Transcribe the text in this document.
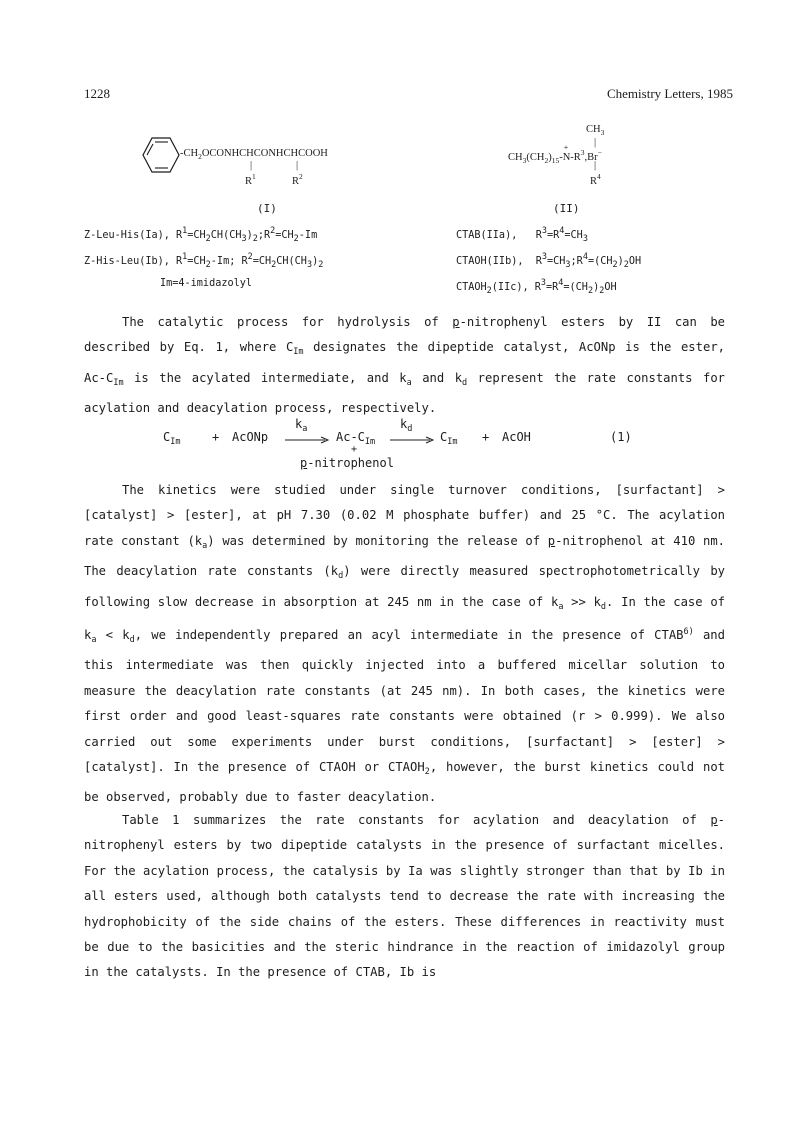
1228	Chemistry Letters, 1985
$-CH_2OCONHCHCONHCHCOOH$
|	|
$R^1$	$R^2$
(I)
$CH_3$
|
$CH_3(CH_2)_{15}-N$
+
$-R^3,Br^-$
|
$R^4$
(II)
Z-Leu-His(Ia), $R^1=CH_2CH(CH_3)_2;R^2=CH_2-Im$
Z-His-Leu(Ib), $R^1=CH_2-Im$; $R^2=CH_2CH(CH_3)_2$
Im=4-imidazolyl
CTAB(IIa),   $R^3=R^4=CH_3$
CTAOH(IIb),  $R^3=CH_3;R^4=(CH_2)_2OH$
$CTAOH_2(IIc)$, $R^3=R^4=(CH_2)_2OH$

The catalytic process for hydrolysis of p-nitrophenyl esters by II can be described by Eq. 1, where $C_{Im}$ designates the dipeptide catalyst, AcONp is the ester, $Ac-C_{Im}$ is the acylated intermediate, and $k_a$ and $k_d$ represent the rate constants for acylation and deacylation process, respectively.

$C_{Im}$	+ AcONp
$k_a$
$Ac-C_{Im}$
+
p-nitrophenol
$k_d$
$C_{Im}$ + AcOH	(1)

The kinetics were studied under single turnover conditions, [surfactant] > [catalyst] > [ester], at pH 7.30 (0.02 M phosphate buffer) and 25 °C. The acylation rate constant $(k_a)$ was determined by monitoring the release of p-nitrophenol at 410 nm. The deacylation rate constants $(k_d)$ were directly measured spectrophotometrically by following slow decrease in absorption at 245 nm in the case of $k_a >> k_d$. In the case of $k_a < k_d$, we independently prepared an acyl intermediate in the presence of CTAB$^{6)}$ and this intermediate was then quickly injected into a buffered micellar solution to measure the deacylation rate constants (at 245 nm). In both cases, the kinetics were first order and good least-squares rate constants were obtained (r > 0.999). We also carried out some experiments under burst conditions, [surfactant] > [ester] > [catalyst]. In the presence of CTAOH or $CTAOH_2$, however, the burst kinetics could not be observed, probably due to faster deacylation.

Table 1 summarizes the rate constants for acylation and deacylation of p-nitrophenyl esters by two dipeptide catalysts in the presence of surfactant micelles. For the acylation process, the catalysis by Ia was slightly stronger than that by Ib in all esters used, although both catalysts tend to decrease the rate with increasing the hydrophobicity of the side chains of the esters. These differences in reactivity must be due to the basicities and the steric hindrance in the reaction of imidazolyl group in the catalysts. In the presence of CTAB, Ib is
